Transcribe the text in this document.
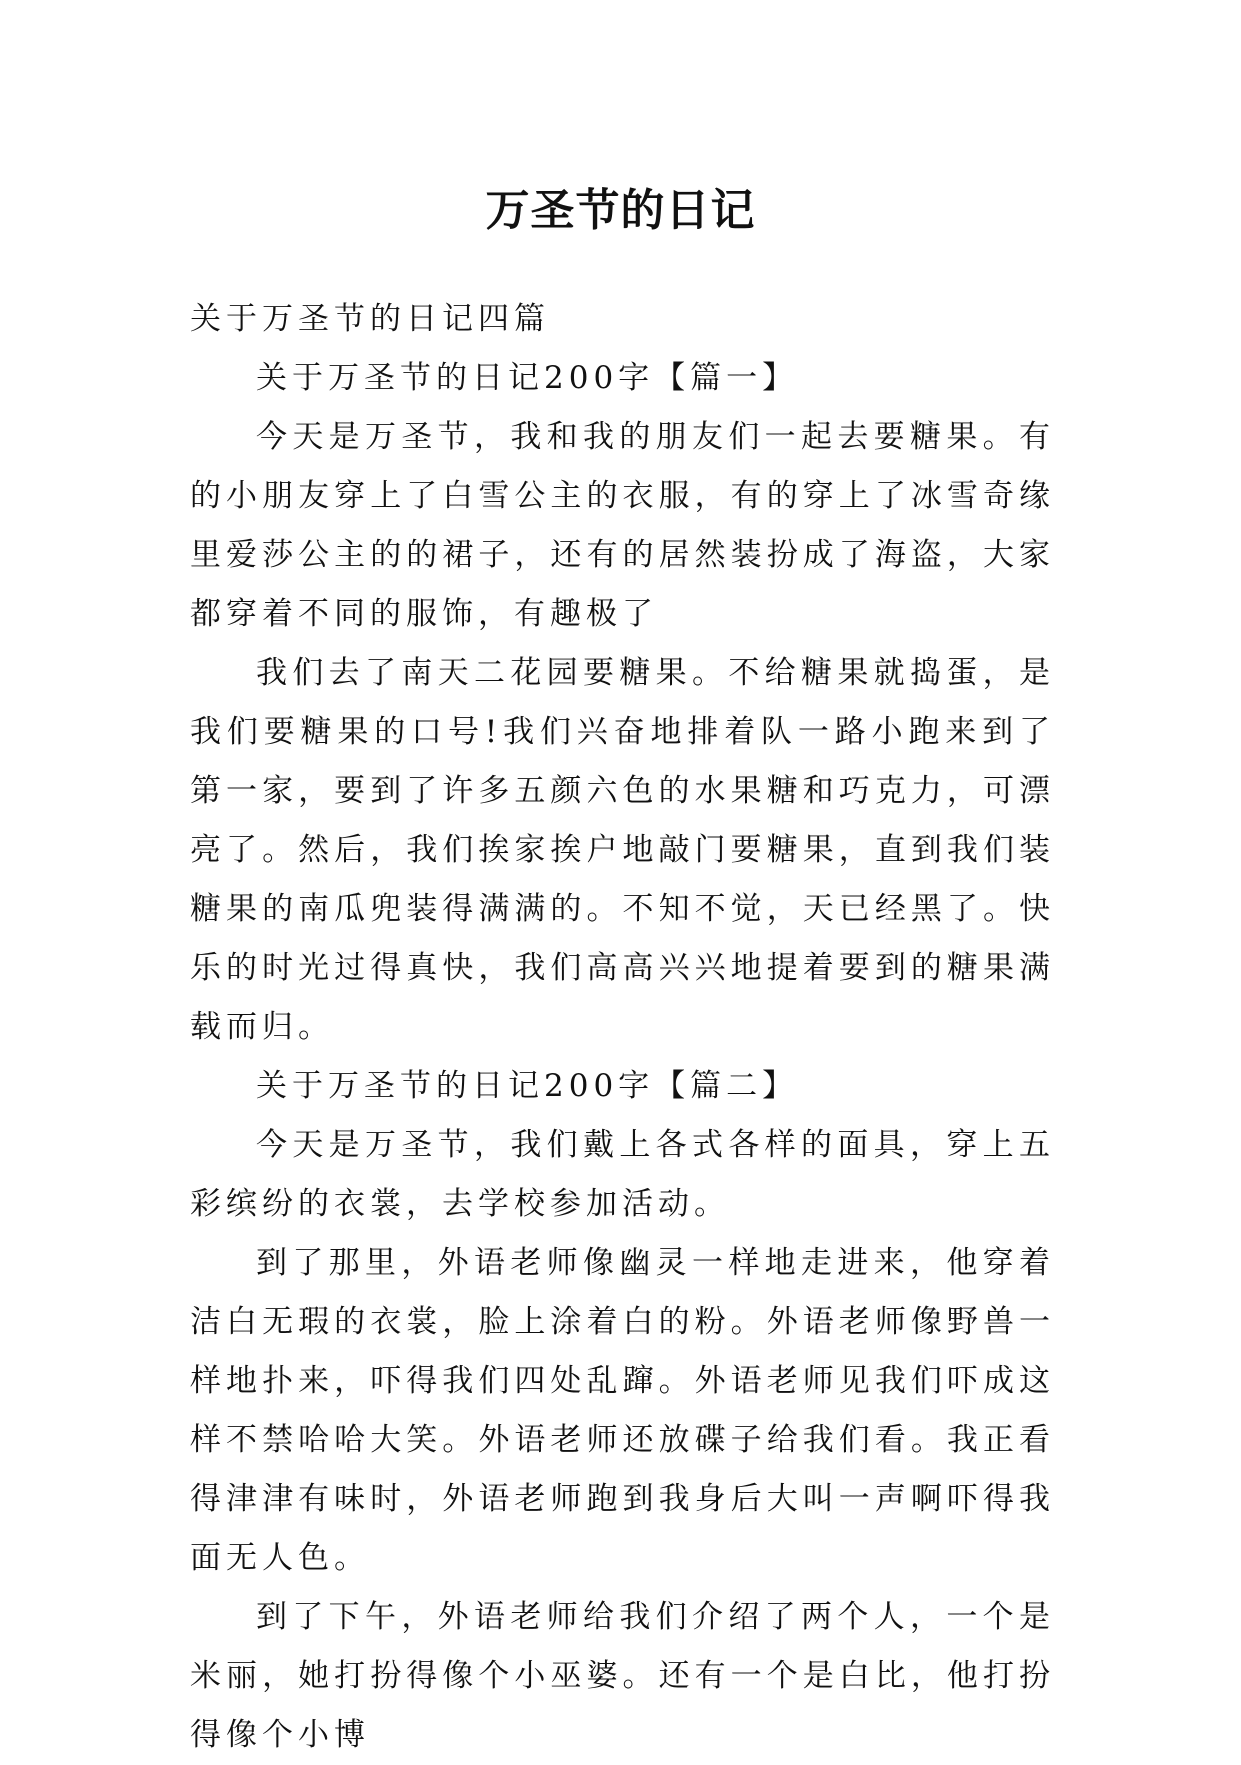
万圣节的日记

关于万圣节的日记四篇

关于万圣节的日记200字【篇一】

今天是万圣节，我和我的朋友们一起去要糖果。有的小朋友穿上了白雪公主的衣服，有的穿上了冰雪奇缘里爱莎公主的的裙子，还有的居然装扮成了海盗，大家都穿着不同的服饰，有趣极了

我们去了南天二花园要糖果。不给糖果就捣蛋，是我们要糖果的口号!我们兴奋地排着队一路小跑来到了第一家，要到了许多五颜六色的水果糖和巧克力，可漂亮了。然后，我们挨家挨户地敲门要糖果，直到我们装糖果的南瓜兜装得满满的。不知不觉，天已经黑了。快乐的时光过得真快，我们高高兴兴地提着要到的糖果满载而归。

关于万圣节的日记200字【篇二】

今天是万圣节，我们戴上各式各样的面具，穿上五彩缤纷的衣裳，去学校参加活动。

到了那里，外语老师像幽灵一样地走进来，他穿着洁白无瑕的衣裳，脸上涂着白的粉。外语老师像野兽一样地扑来，吓得我们四处乱蹿。外语老师见我们吓成这样不禁哈哈大笑。外语老师还放碟子给我们看。我正看得津津有味时，外语老师跑到我身后大叫一声啊吓得我面无人色。

到了下午，外语老师给我们介绍了两个人，一个是米丽，她打扮得像个小巫婆。还有一个是白比，他打扮得像个小博
